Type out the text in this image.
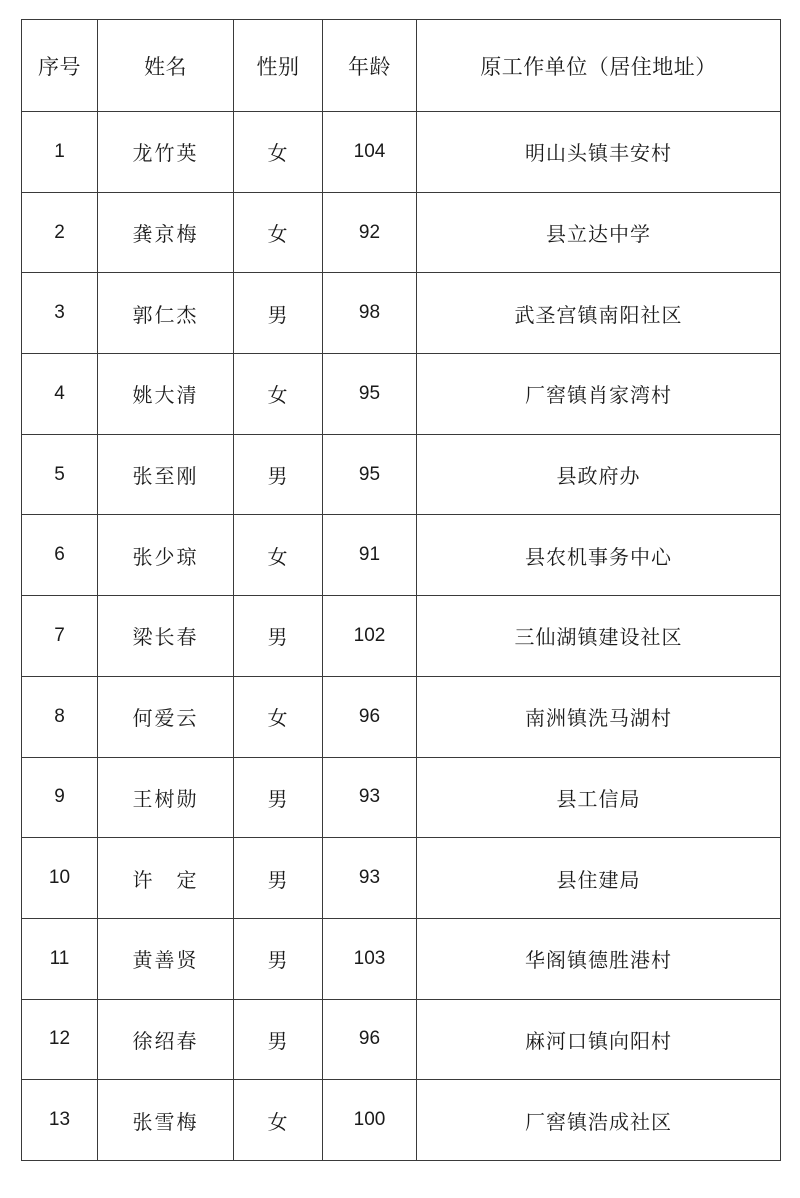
序号	姓名	性别	年龄	原工作单位（居住地址）
1	龙竹英	女	104	明山头镇丰安村
2	龚京梅	女	92	县立达中学
3	郭仁杰	男	98	武圣宫镇南阳社区
4	姚大清	女	95	厂窖镇肖家湾村
5	张至刚	男	95	县政府办
6	张少琼	女	91	县农机事务中心
7	梁长春	男	102	三仙湖镇建设社区
8	何爱云	女	96	南洲镇洗马湖村
9	王树勋	男	93	县工信局
10	许　定	男	93	县住建局
11	黄善贤	男	103	华阁镇德胜港村
12	徐绍春	男	96	麻河口镇向阳村
13	张雪梅	女	100	厂窖镇浩成社区
